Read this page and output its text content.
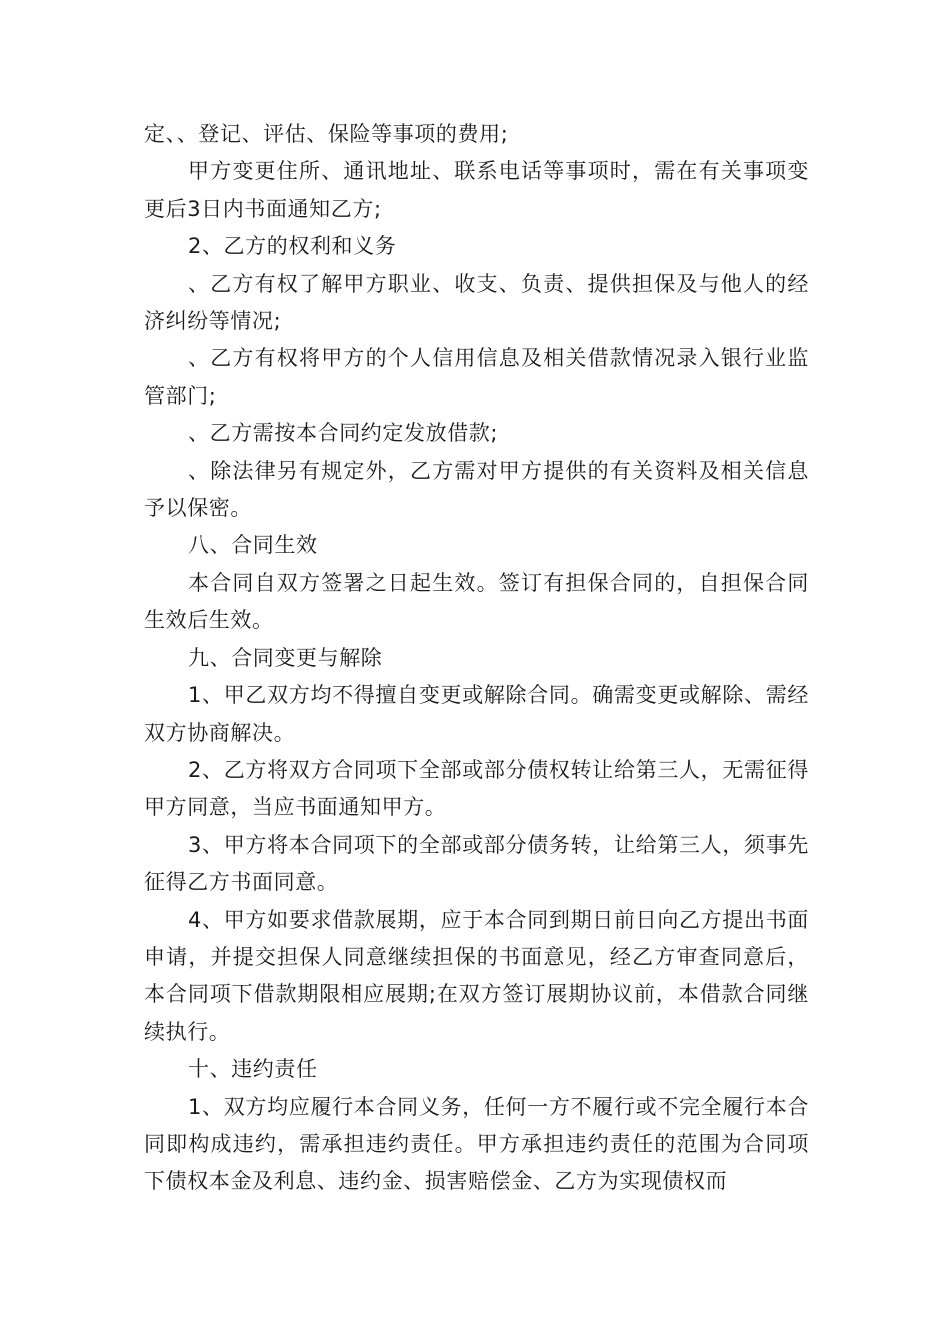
定、、登记、评估、保险等事项的费用;

甲方变更住所、通讯地址、联系电话等事项时，需在有关事项变更后3日内书面通知乙方;

2、乙方的权利和义务

、乙方有权了解甲方职业、收支、负责、提供担保及与他人的经济纠纷等情况;

、乙方有权将甲方的个人信用信息及相关借款情况录入银行业监管部门;

、乙方需按本合同约定发放借款;

、除法律另有规定外，乙方需对甲方提供的有关资料及相关信息予以保密。

八、合同生效

本合同自双方签署之日起生效。签订有担保合同的，自担保合同生效后生效。

九、合同变更与解除

1、甲乙双方均不得擅自变更或解除合同。确需变更或解除、需经双方协商解决。

2、乙方将双方合同项下全部或部分债权转让给第三人，无需征得甲方同意，当应书面通知甲方。

3、甲方将本合同项下的全部或部分债务转，让给第三人，须事先征得乙方书面同意。

4、甲方如要求借款展期，应于本合同到期日前日向乙方提出书面申请，并提交担保人同意继续担保的书面意见，经乙方审查同意后，本合同项下借款期限相应展期;在双方签订展期协议前，本借款合同继续执行。

十、违约责任

1、双方均应履行本合同义务，任何一方不履行或不完全履行本合同即构成违约，需承担违约责任。甲方承担违约责任的范围为合同项下债权本金及利息、违约金、损害赔偿金、乙方为实现债权而
